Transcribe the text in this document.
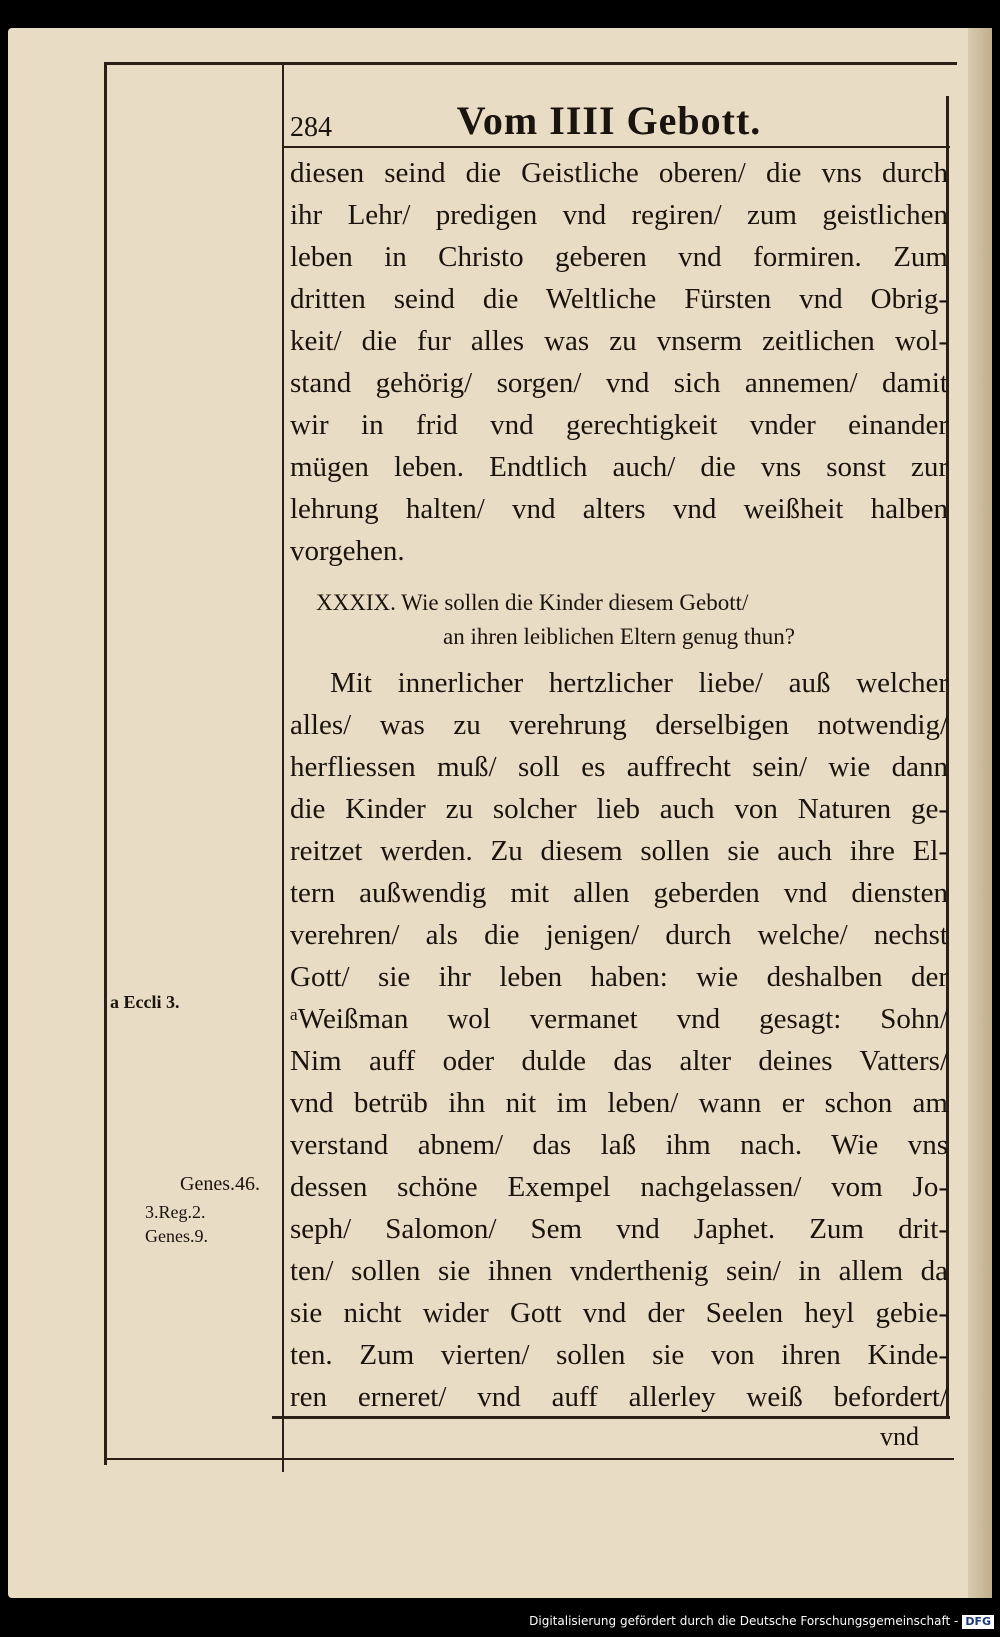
284	Vom IIII Gebott.
diesen seind die Geistliche oberen/ die vns durch
ihr Lehr/ predigen vnd regiren/ zum geistlichen
leben in Christo geberen vnd formiren. Zum
dritten seind die Weltliche Fürsten vnd Obrig-
keit/ die fur alles was zu vnserm zeitlichen wol-
stand gehörig/ sorgen/ vnd sich annemen/ damit
wir in frid vnd gerechtigkeit vnder einander
mügen leben. Endtlich auch/ die vns sonst zur
lehrung halten/ vnd alters vnd weißheit halben
vorgehen.
XXXIX. Wie sollen die Kinder diesem Gebott/
an ihren leiblichen Eltern genug thun?
Mit innerlicher hertzlicher liebe/ auß welcher
alles/ was zu verehrung derselbigen notwendig/
herfliessen muß/ soll es auffrecht sein/ wie dann
die Kinder zu solcher lieb auch von Naturen ge-
reitzet werden. Zu diesem sollen sie auch ihre El-
tern außwendig mit allen geberden vnd diensten
verehren/ als die jenigen/ durch welche/ nechst
Gott/ sie ihr leben haben: wie deshalben der
ᵃWeißman wol vermanet vnd gesagt: Sohn/
Nim auff oder dulde das alter deines Vatters/
vnd betrüb ihn nit im leben/ wann er schon am
verstand abnem/ das laß ihm nach. Wie vns
dessen schöne Exempel nachgelassen/ vom Jo-
seph/ Salomon/ Sem vnd Japhet. Zum drit-
ten/ sollen sie ihnen vnderthenig sein/ in allem da
sie nicht wider Gott vnd der Seelen heyl gebie-
ten. Zum vierten/ sollen sie von ihren Kinde-
ren erneret/ vnd auff allerley weiß befordert/
a Eccli 3.
Genes.46.
3.Reg.2.
Genes.9.
vnd
Digitalisierung gefördert durch die Deutsche Forschungsgemeinschaft - DFG
